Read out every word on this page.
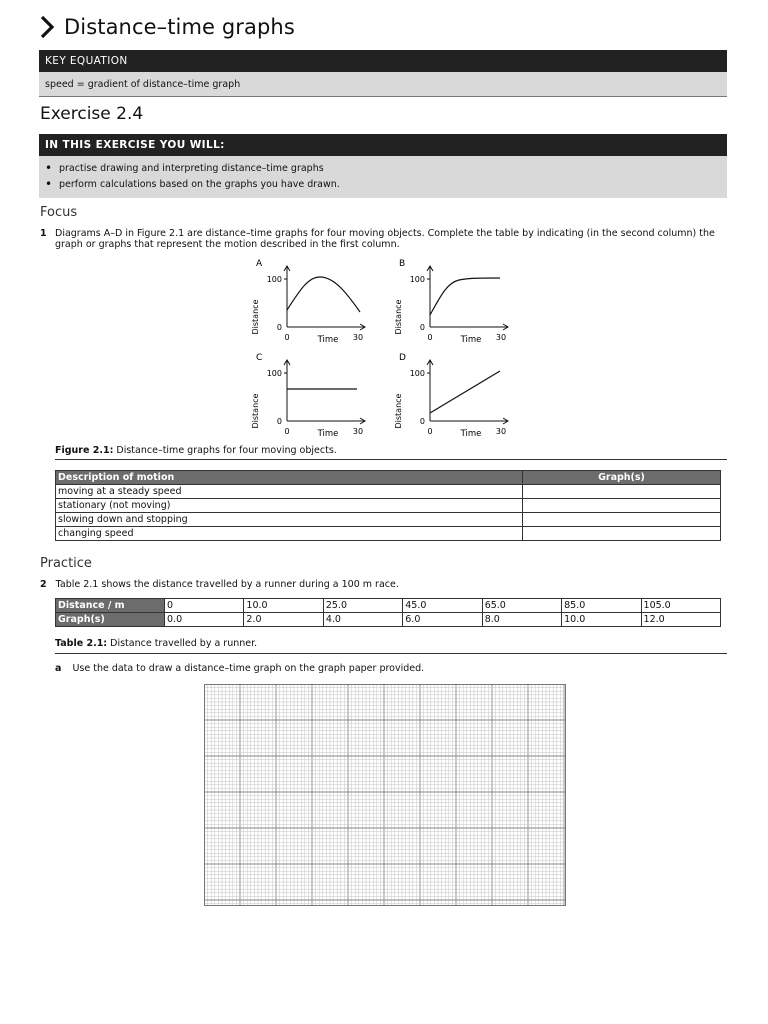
Distance–time graphs
KEY EQUATION
speed = gradient of distance–time graph
Exercise 2.4
IN THIS EXERCISE YOU WILL:
• practise drawing and interpreting distance–time graphs
• perform calculations based on the graphs you have drawn.
Focus
1 Diagrams A–D in Figure 2.1 are distance–time graphs for four moving objects. Complete the table by indicating (in the second column) the graph or graphs that represent the motion described in the first column.
A
Distance
100
0
0	30
Time
B
Distance
100
0
0	30
Time
C
Distance
100
0
0	30
Time
D
Distance
100
0
0	30
Time
Figure 2.1: Distance–time graphs for four moving objects.
Description of motion	Graph(s)
moving at a steady speed	
stationary (not moving)	
slowing down and stopping	
changing speed	
Practice
2 Table 2.1 shows the distance travelled by a runner during a 100 m race.
Distance / m	0	10.0	25.0	45.0	65.0	85.0	105.0
Graph(s)	0.0	2.0	4.0	6.0	8.0	10.0	12.0
Table 2.1: Distance travelled by a runner.
a Use the data to draw a distance–time graph on the graph paper provided.
